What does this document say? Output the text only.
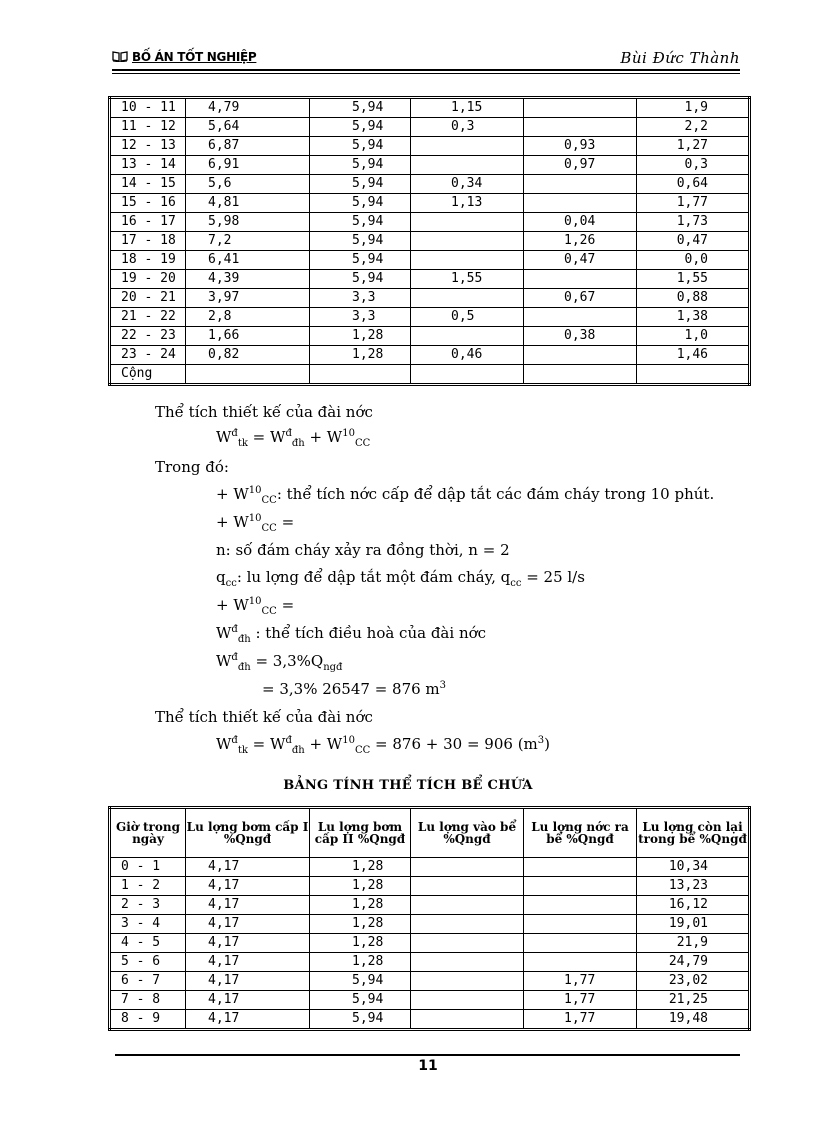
BỐ ÁN TỐT NGHIỆP	Bùi Đức Thành
10 - 11	4,79	5,94	1,15		1,9
11 - 12	5,64	5,94	0,3		2,2
12 - 13	6,87	5,94		0,93	1,27
13 - 14	6,91	5,94		0,97	0,3
14 - 15	5,6	5,94	0,34		0,64
15 - 16	4,81	5,94	1,13		1,77
16 - 17	5,98	5,94		0,04	1,73
17 - 18	7,2	5,94		1,26	0,47
18 - 19	6,41	5,94		0,47	0,0
19 - 20	4,39	5,94	1,55		1,55
20 - 21	3,97	3,3		0,67	0,88
21 - 22	2,8	3,3	0,5		1,38
22 - 23	1,66	1,28		0,38	1,0
23 - 24	0,82	1,28	0,46		1,46
Cộng					
Thể tích thiết kế của đài nớc
$W^đ_{tk} = W^đ_{đh} + W^{10}_{CC}$
Trong đó:
+ $W^{10}_{CC}$: thể tích nớc cấp để dập tắt các đám cháy trong 10 phút.
+ $W^{10}_{CC}$ =
n: số đám cháy xảy ra đồng thời, n = 2
$q_{cc}$: lu lợng để dập tắt một đám cháy, $q_{cc} = 25$ l/s
+ $W^{10}_{CC}$ =
$W^đ_{đh}$ : thể tích điều hoà của đài nớc
$W^đ_{đh} = 3,3\%Q_{ngđ}$
= 3,3% 26547 = 876 $m^3$
Thể tích thiết kế của đài nớc
$W^đ_{tk} = W^đ_{đh} + W^{10}_{CC} = 876 + 30 = 906$ $(m^3)$
BẢNG TÍNH THỂ TÍCH BỂ CHỨA
Giờ trong ngày	Lu lợng bơm cấp I %Qngđ	Lu lợng bơm cấp II %Qngđ	Lu lợng vào bể %Qngđ	Lu lợng nớc ra bể %Qngđ	Lu lợng còn lại trong bể %Qngđ
0 - 1	4,17	1,28			10,34
1 - 2	4,17	1,28			13,23
2 - 3	4,17	1,28			16,12
3 - 4	4,17	1,28			19,01
4 - 5	4,17	1,28			21,9
5 - 6	4,17	1,28			24,79
6 - 7	4,17	5,94		1,77	23,02
7 - 8	4,17	5,94		1,77	21,25
8 - 9	4,17	5,94		1,77	19,48
11
